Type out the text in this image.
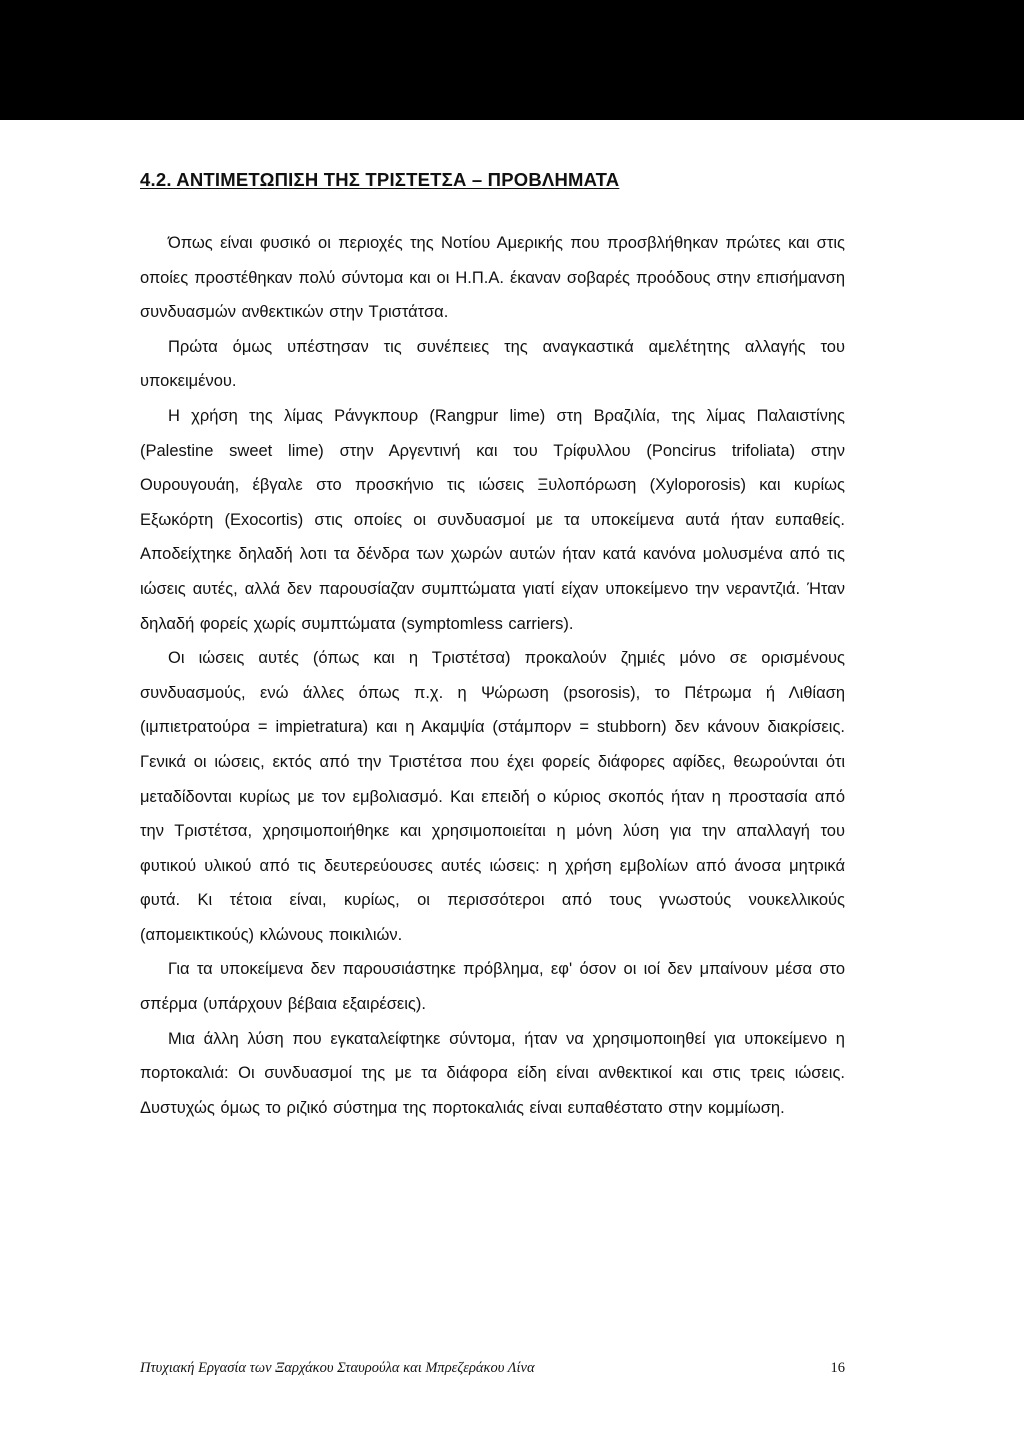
4.2. ΑΝΤΙΜΕΤΩΠΙΣΗ ΤΗΣ ΤΡΙΣΤΕΤΣΑ – ΠΡΟΒΛΗΜΑΤΑ

Όπως είναι φυσικό οι περιοχές της Νοτίου Αμερικής που προσβλήθηκαν πρώτες και στις οποίες προστέθηκαν πολύ σύντομα και οι Η.Π.Α. έκαναν σοβαρές προόδους στην επισήμανση συνδυασμών ανθεκτικών στην Τριστάτσα.

Πρώτα όμως υπέστησαν τις συνέπειες της αναγκαστικά αμελέτητης αλλαγής του υποκειμένου.

Η χρήση της λίμας Ράνγκπουρ (Rangpur lime) στη Βραζιλία, της λίμας Παλαιστίνης (Palestine sweet lime) στην Αργεντινή και του Τρίφυλλου (Poncirus trifoliata) στην Ουρουγουάη, έβγαλε στο προσκήνιο τις ιώσεις Ξυλοπόρωση (Xyloporosis) και κυρίως Εξωκόρτη (Exocortis) στις οποίες οι συνδυασμοί με τα υποκείμενα αυτά ήταν ευπαθείς. Αποδείχτηκε δηλαδή λοτι τα δένδρα των χωρών αυτών ήταν κατά κανόνα μολυσμένα από τις ιώσεις αυτές, αλλά δεν παρουσίαζαν συμπτώματα γιατί είχαν υποκείμενο την νεραντζιά. Ήταν δηλαδή φορείς χωρίς συμπτώματα (symptomless carriers).

Οι ιώσεις αυτές (όπως και η Τριστέτσα) προκαλούν ζημιές μόνο σε ορισμένους συνδυασμούς, ενώ άλλες όπως π.χ. η Ψώρωση (psorosis), το Πέτρωμα ή Λιθίαση (ιμπιετρατούρα = impietratura) και η Ακαμψία (στάμπορν = stubborn) δεν κάνουν διακρίσεις. Γενικά οι ιώσεις, εκτός από την Τριστέτσα που έχει φορείς διάφορες αφίδες, θεωρούνται ότι μεταδίδονται κυρίως με τον εμβολιασμό. Και επειδή ο κύριος σκοπός ήταν η προστασία από την Τριστέτσα, χρησιμοποιήθηκε και χρησιμοποιείται η μόνη λύση για την απαλλαγή του φυτικού υλικού από τις δευτερεύουσες αυτές ιώσεις: η χρήση εμβολίων από άνοσα μητρικά φυτά. Κι τέτοια είναι, κυρίως, οι περισσότεροι από τους γνωστούς νουκελλικούς (απομεικτικούς) κλώνους ποικιλιών.

Για τα υποκείμενα δεν παρουσιάστηκε πρόβλημα, εφ' όσον οι ιοί δεν μπαίνουν μέσα στο σπέρμα (υπάρχουν βέβαια εξαιρέσεις).

Μια άλλη λύση που εγκαταλείφτηκε σύντομα, ήταν να χρησιμοποιηθεί για υποκείμενο η πορτοκαλιά: Οι συνδυασμοί της με τα διάφορα είδη είναι ανθεκτικοί και στις τρεις ιώσεις. Δυστυχώς όμως το ριζικό σύστημα της πορτοκαλιάς είναι ευπαθέστατο στην κομμίωση.

Πτυχιακή Εργασία των Ξαρχάκου Σταυρούλα και Μπρεζεράκου Λίνα	16
